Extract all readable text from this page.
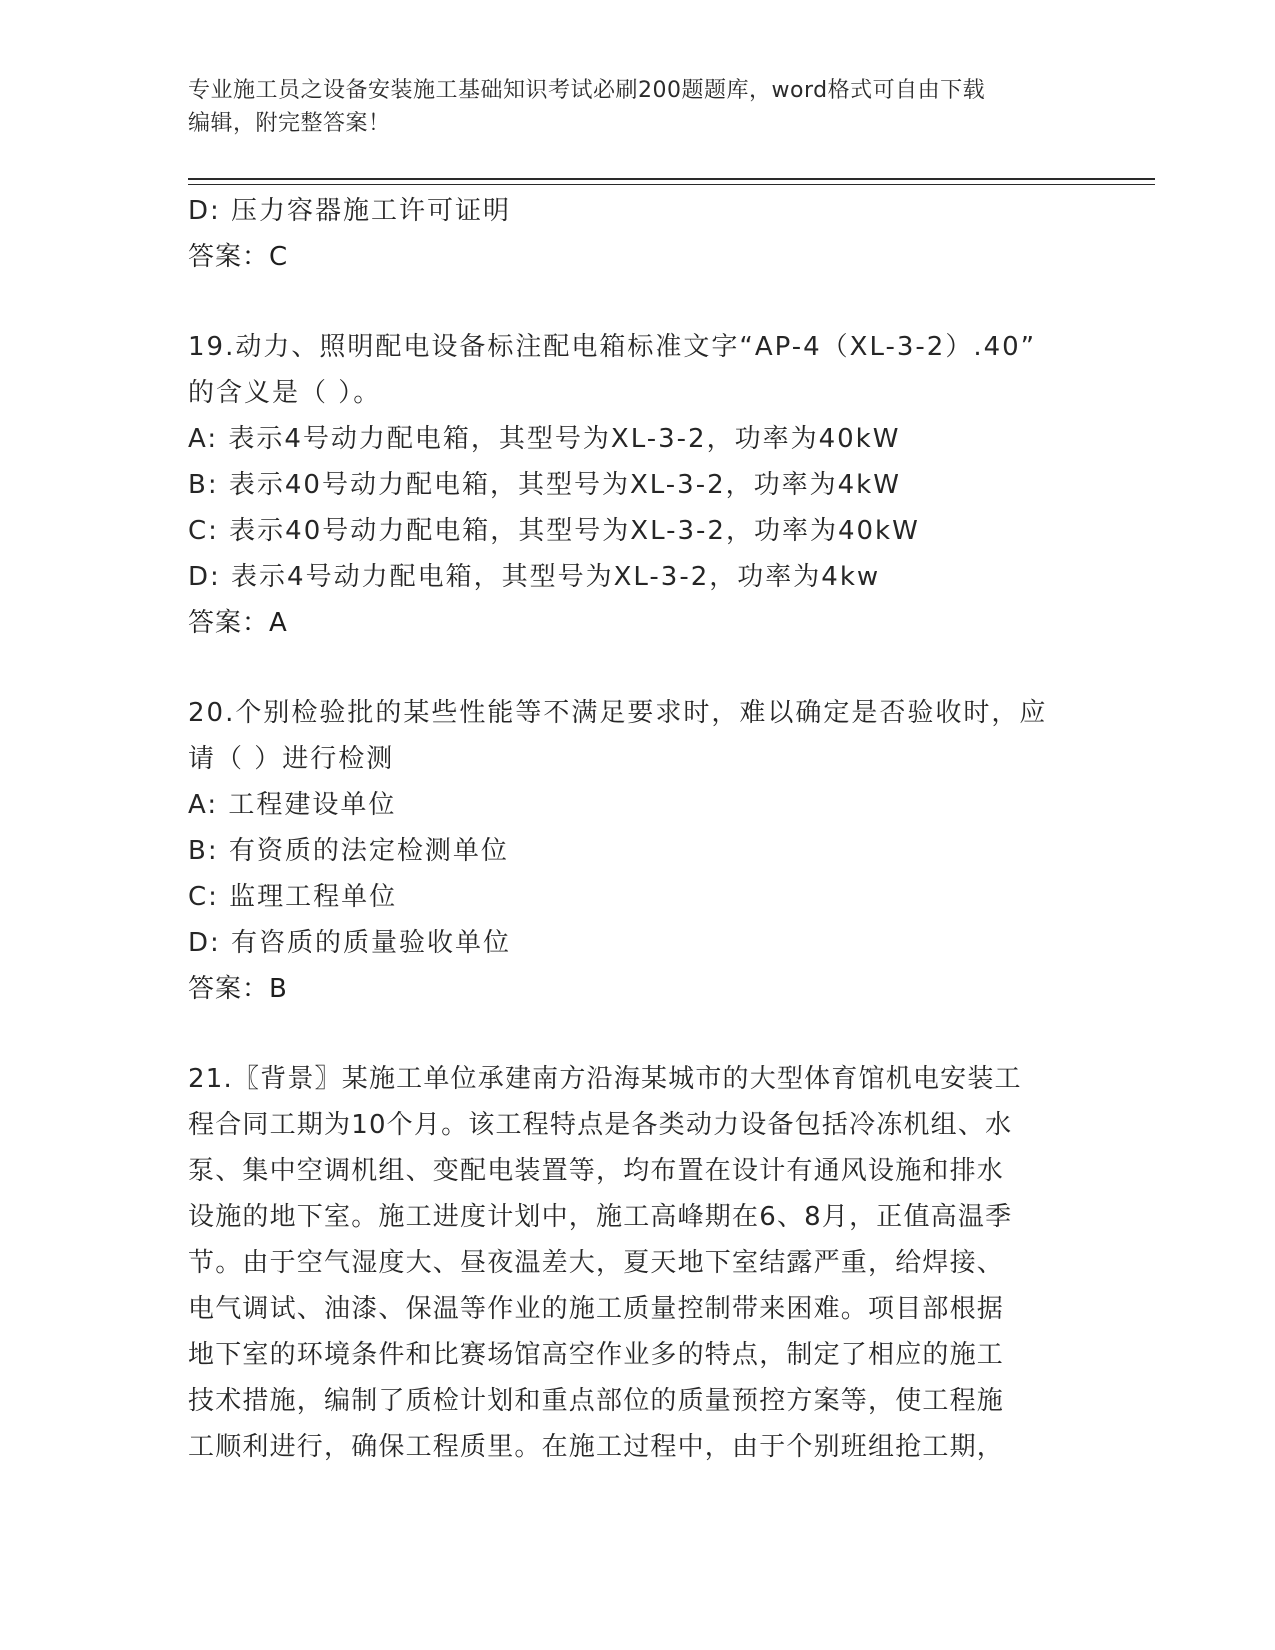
专业施工员之设备安装施工基础知识考试必刷200题题库，word格式可自由下载

编辑，附完整答案！

D: 压力容器施工许可证明
答案：C
19.动力、照明配电设备标注配电箱标准文字“AP-4（XL-3-2）.40”
的含义是（ ）。
A: 表示4号动力配电箱，其型号为XL-3-2，功率为40kW
B: 表示40号动力配电箱，其型号为XL-3-2，功率为4kW
C: 表示40号动力配电箱，其型号为XL-3-2，功率为40kW
D: 表示4号动力配电箱，其型号为XL-3-2，功率为4kw
答案：A
20.个别检验批的某些性能等不满足要求时，难以确定是否验收时，应
请（ ）进行检测
A: 工程建设单位
B: 有资质的法定检测单位
C: 监理工程单位
D: 有咨质的质量验收单位
答案：B
21.〖背景〗某施工单位承建南方沿海某城市的大型体育馆机电安装工
程合同工期为10个月。该工程特点是各类动力设备包括冷冻机组、水
泵、集中空调机组、变配电装置等，均布置在设计有通风设施和排水
设施的地下室。施工进度计划中，施工高峰期在6、8月，正值高温季
节。由于空气湿度大、昼夜温差大，夏天地下室结露严重，给焊接、
电气调试、油漆、保温等作业的施工质量控制带来困难。项目部根据
地下室的环境条件和比赛场馆高空作业多的特点，制定了相应的施工
技术措施，编制了质检计划和重点部位的质量预控方案等，使工程施
工顺利进行，确保工程质里。在施工过程中，由于个别班组抢工期，
